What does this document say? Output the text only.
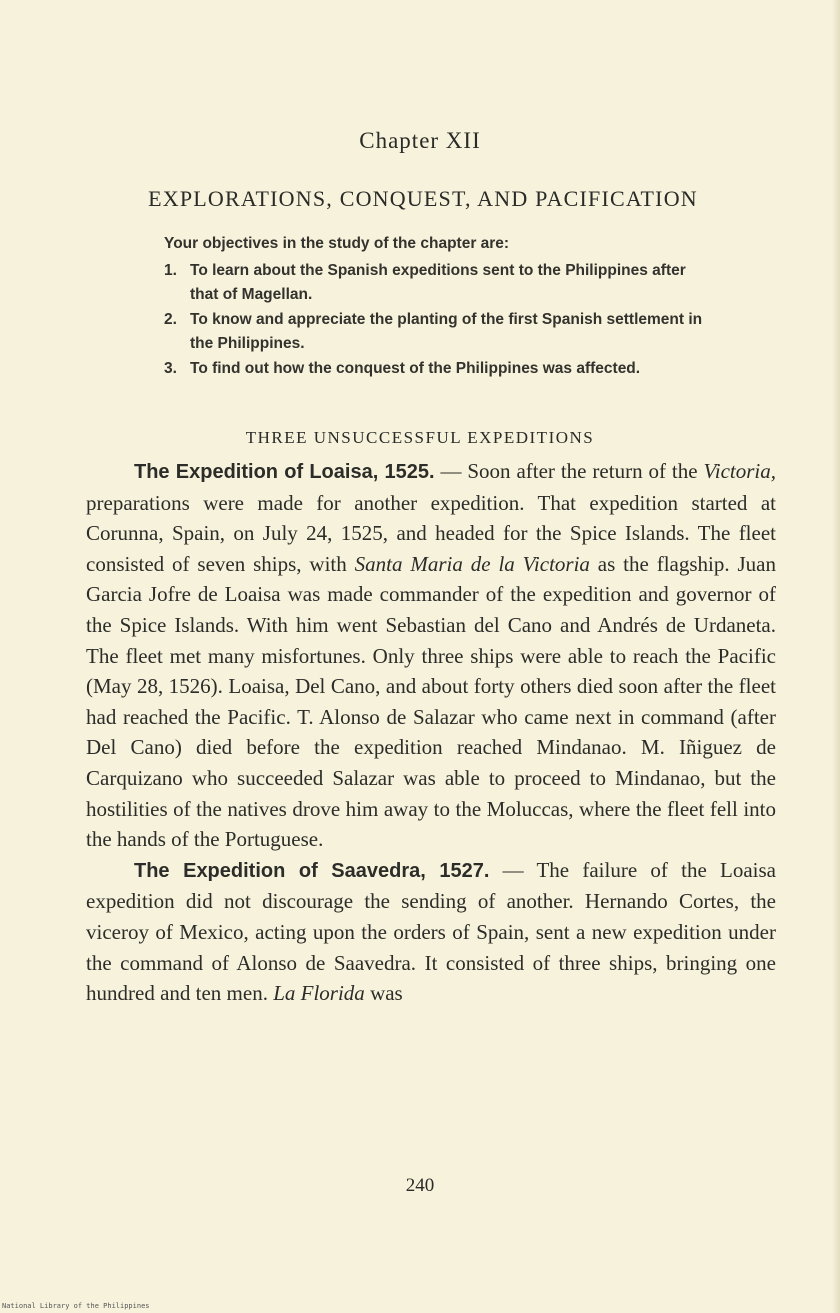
Chapter XII
EXPLORATIONS, CONQUEST, AND PACIFICATION

Your objectives in the study of the chapter are:

1. To learn about the Spanish expeditions sent to the Philippines after that of Magellan.
2. To know and appreciate the planting of the first Spanish settlement in the Philippines.
3. To find out how the conquest of the Philippines was affected.
THREE UNSUCCESSFUL EXPEDITIONS

The Expedition of Loaisa, 1525. — Soon after the return of the Victoria, preparations were made for another expedition. That expedition started at Corunna, Spain, on July 24, 1525, and headed for the Spice Islands. The fleet consisted of seven ships, with Santa Maria de la Victoria as the flagship. Juan Garcia Jofre de Loaisa was made commander of the expedition and governor of the Spice Islands. With him went Sebastian del Cano and Andrés de Urdaneta. The fleet met many misfortunes. Only three ships were able to reach the Pacific (May 28, 1526). Loaisa, Del Cano, and about forty others died soon after the fleet had reached the Pacific. T. Alonso de Salazar who came next in command (after Del Cano) died before the expedition reached Mindanao. M. Iñiguez de Carquizano who succeeded Salazar was able to proceed to Mindanao, but the hostilities of the natives drove him away to the Moluccas, where the fleet fell into the hands of the Portuguese.

The Expedition of Saavedra, 1527. — The failure of the Loaisa expedition did not discourage the sending of another. Hernando Cortes, the viceroy of Mexico, acting upon the orders of Spain, sent a new expedition under the command of Alonso de Saavedra. It consisted of three ships, bringing one hundred and ten men. La Florida was

240
National Library of the Philippines
